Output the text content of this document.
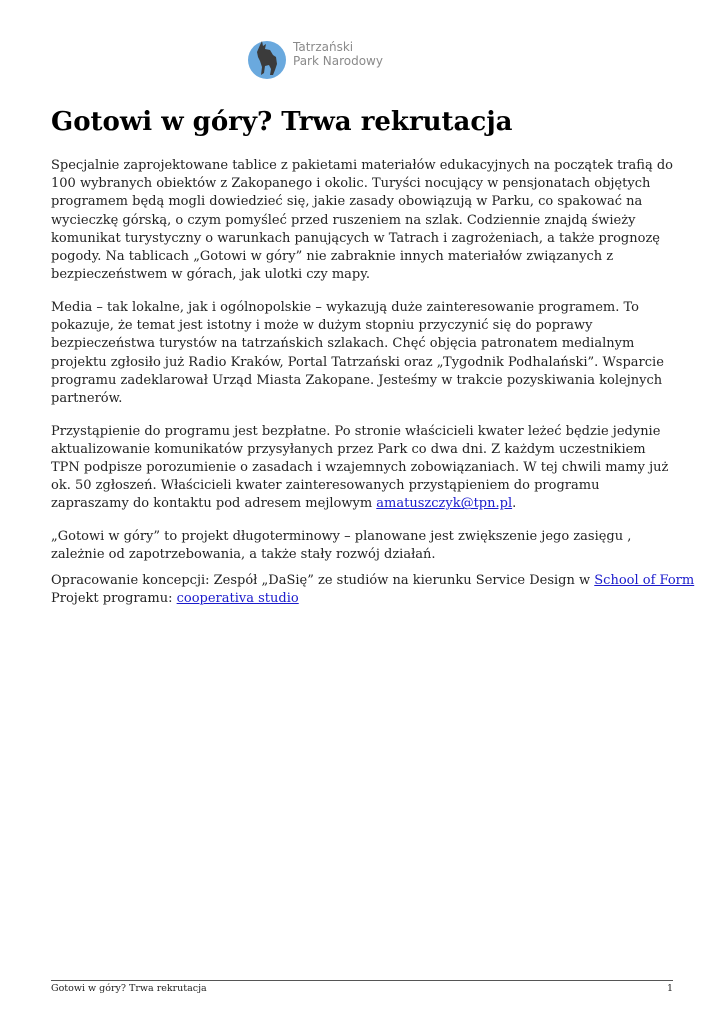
Tatrzański
Park Narodowy
Gotowi w góry? Trwa rekrutacja

Specjalnie zaprojektowane tablice z pakietami materiałów edukacyjnych na początek trafią do 100 wybranych obiektów z Zakopanego i okolic. Turyści nocujący w pensjonatach objętych programem będą mogli dowiedzieć się, jakie zasady obowiązują w Parku, co spakować na wycieczkę górską, o czym pomyśleć przed ruszeniem na szlak. Codziennie znajdą świeży komunikat turystyczny o warunkach panujących w Tatrach i zagrożeniach, a także prognozę pogody. Na tablicach „Gotowi w góry” nie zabraknie innych materiałów związanych z bezpieczeństwem w górach, jak ulotki czy mapy.

Media – tak lokalne, jak i ogólnopolskie – wykazują duże zainteresowanie programem. To pokazuje, że temat jest istotny i może w dużym stopniu przyczynić się do poprawy bezpieczeństwa turystów na tatrzańskich szlakach. Chęć objęcia patronatem medialnym projektu zgłosiło już Radio Kraków, Portal Tatrzański oraz „Tygodnik Podhalański”. Wsparcie programu zadeklarował Urząd Miasta Zakopane. Jesteśmy w trakcie pozyskiwania kolejnych partnerów.

Przystąpienie do programu jest bezpłatne. Po stronie właścicieli kwater leżeć będzie jedynie aktualizowanie komunikatów przysyłanych przez Park co dwa dni. Z każdym uczestnikiem TPN podpisze porozumienie o zasadach i wzajemnych zobowiązaniach. W tej chwili mamy już ok. 50 zgłoszeń. Właścicieli kwater zainteresowanych przystąpieniem do programu zapraszamy do kontaktu pod adresem mejlowym amatuszczyk@tpn.pl.

„Gotowi w góry” to projekt długoterminowy – planowane jest zwiększenie jego zasięgu , zależnie od zapotrzebowania, a także stały rozwój działań.

Opracowanie koncepcji: Zespół „DaSię” ze studiów na kierunku Service Design w School of Form
Projekt programu: cooperativa studio
Gotowi w góry? Trwa rekrutacja	1
